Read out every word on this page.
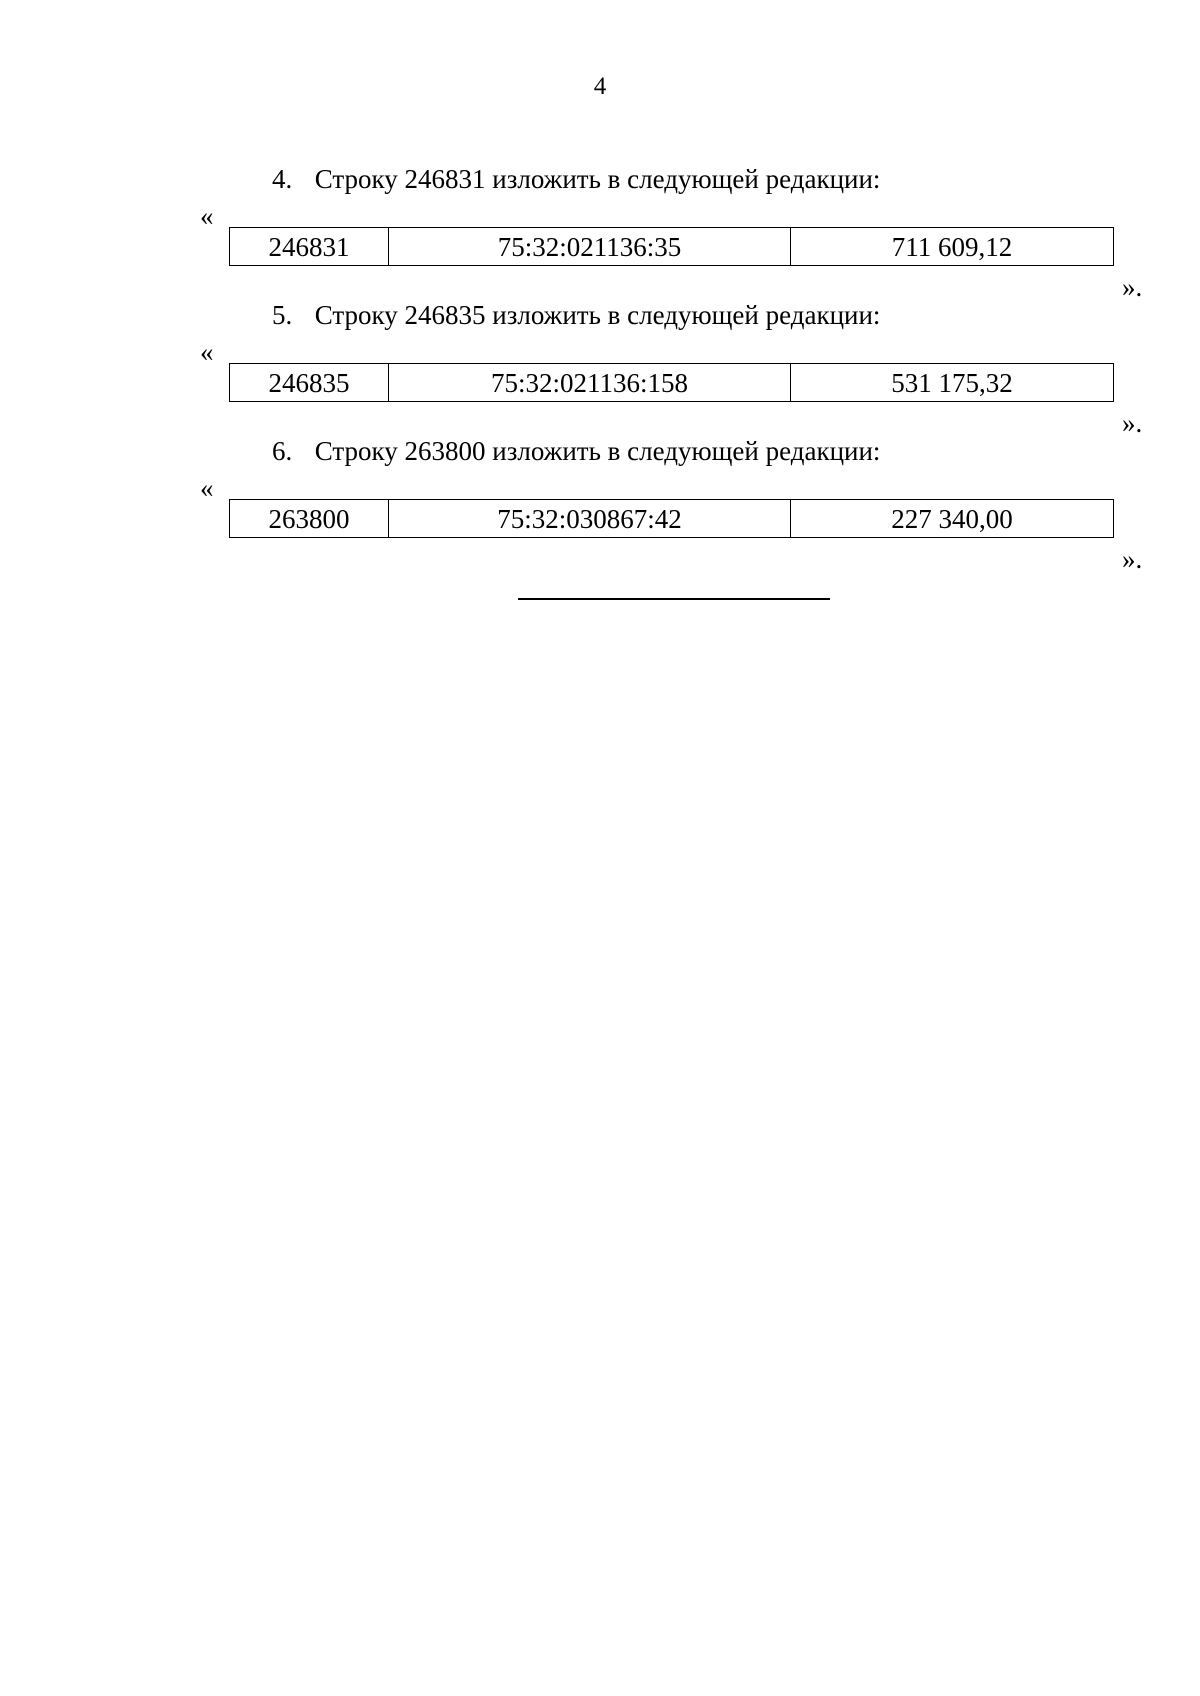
4
4. Строку 246831 изложить в следующей редакции:
«
246831	75:32:021136:35	711 609,12
».
5. Строку 246835 изложить в следующей редакции:
«
246835	75:32:021136:158	531 175,32
».
6. Строку 263800 изложить в следующей редакции:
«
263800	75:32:030867:42	227 340,00
».
